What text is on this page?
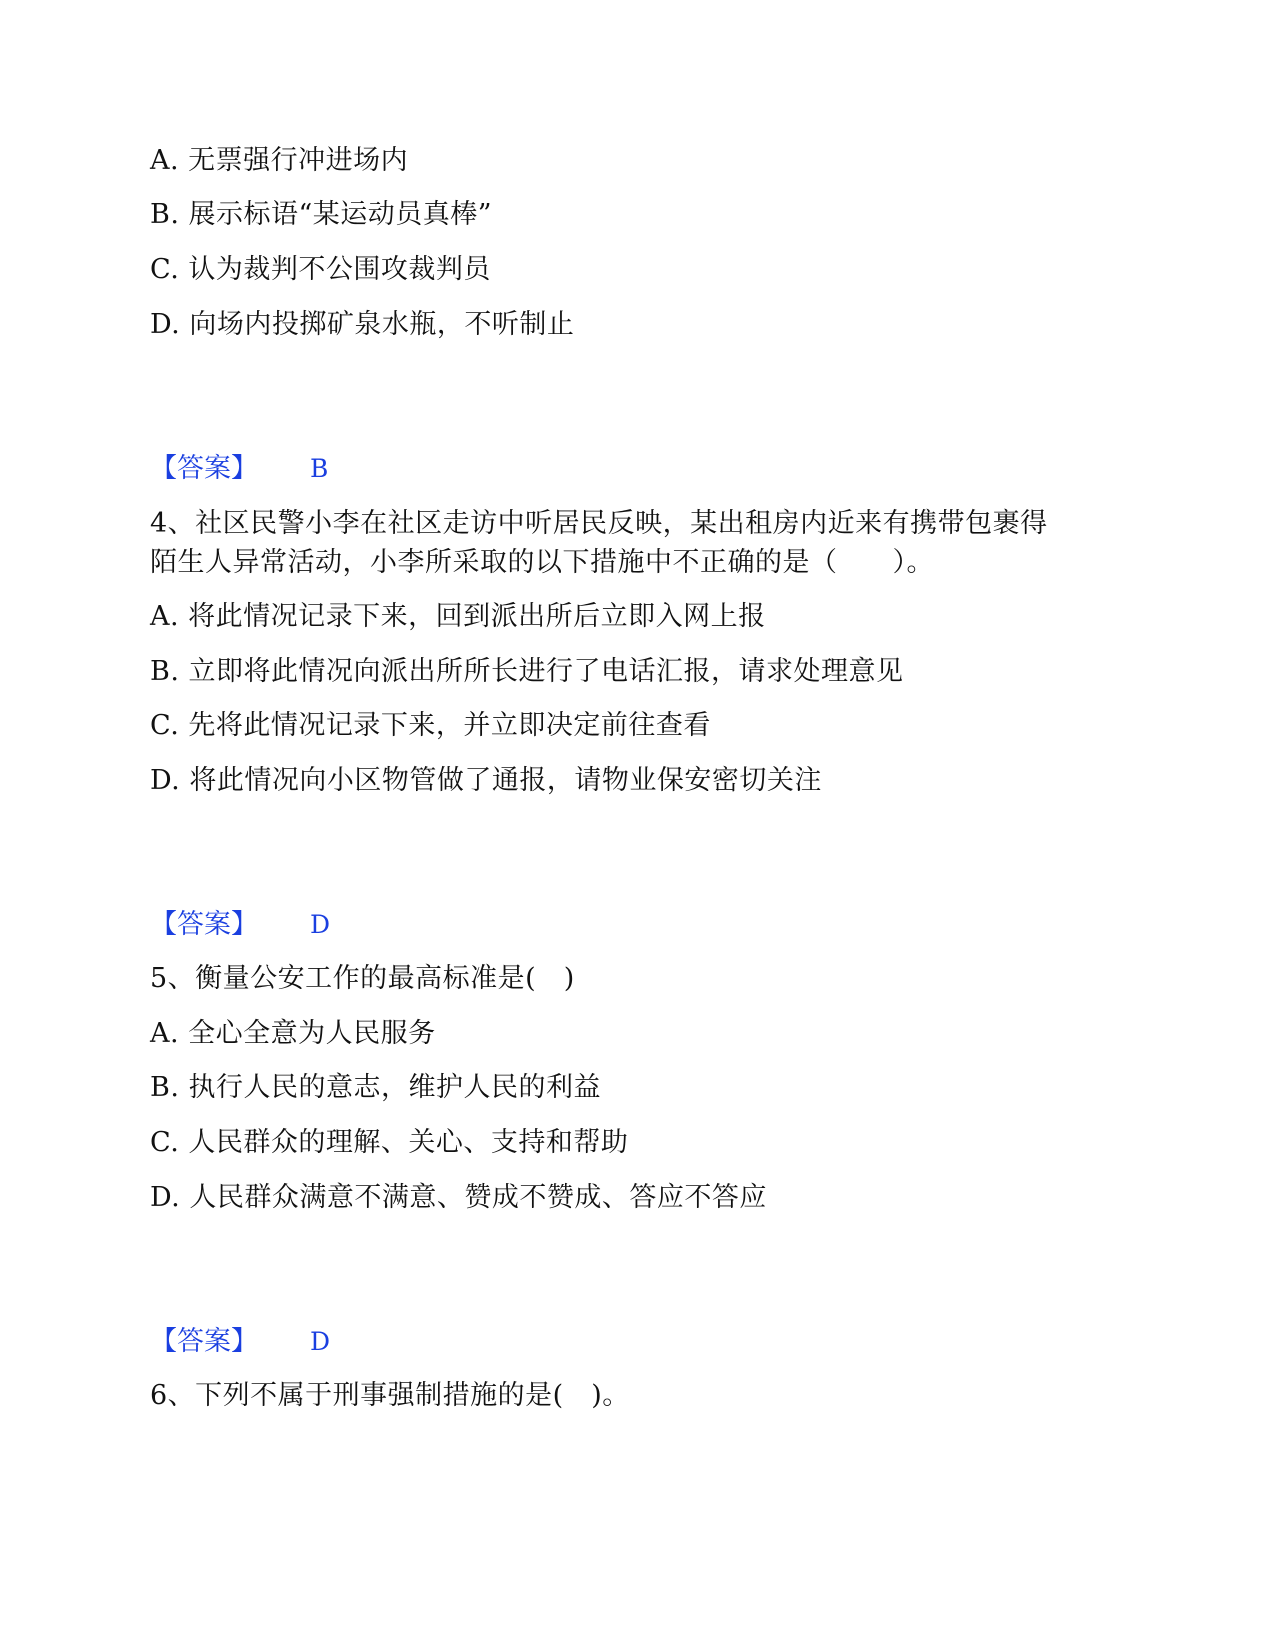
A. 无票强行冲进场内
B. 展示标语“某运动员真棒”
C. 认为裁判不公围攻裁判员
D. 向场内投掷矿泉水瓶，不听制止
【答案】 B
4、社区民警小李在社区走访中听居民反映，某出租房内近来有携带包裹得
陌生人异常活动，小李所采取的以下措施中不正确的是（　　）。
A. 将此情况记录下来，回到派出所后立即入网上报
B. 立即将此情况向派出所所长进行了电话汇报，请求处理意见
C. 先将此情况记录下来，并立即决定前往查看
D. 将此情况向小区物管做了通报，请物业保安密切关注
【答案】 D
5、衡量公安工作的最高标准是(　)
A. 全心全意为人民服务
B. 执行人民的意志，维护人民的利益
C. 人民群众的理解、关心、支持和帮助
D. 人民群众满意不满意、赞成不赞成、答应不答应
【答案】 D
6、下列不属于刑事强制措施的是(　)。
